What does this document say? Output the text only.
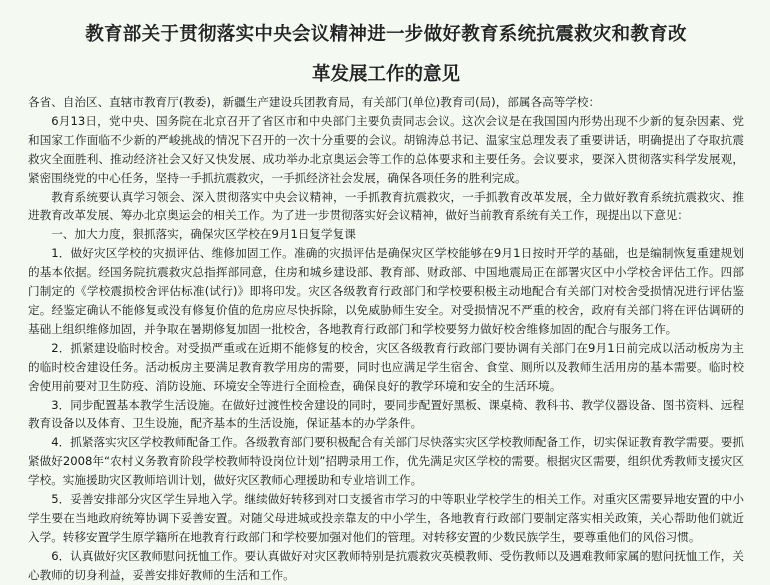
教育部关于贯彻落实中央会议精神进一步做好教育系统抗震救灾和教育改
革发展工作的意见

各省、自治区、直辖市教育厅(教委)，新疆生产建设兵团教育局，有关部门(单位)教育司(局)，部属各高等学校：

6月13日，党中央、国务院在北京召开了省区市和中央部门主要负责同志会议。这次会议是在我国国内形势出现不少新的复杂因素、党和国家工作面临不少新的严峻挑战的情况下召开的一次十分重要的会议。胡锦涛总书记、温家宝总理发表了重要讲话，明确提出了夺取抗震救灾全面胜利、推动经济社会又好又快发展、成功举办北京奥运会等工作的总体要求和主要任务。会议要求，要深入贯彻落实科学发展观，紧密围绕党的中心任务，坚持一手抓抗震救灾，一手抓经济社会发展，确保各项任务的胜利完成。

教育系统要认真学习领会、深入贯彻落实中央会议精神，一手抓教育抗震救灾，一手抓教育改革发展，全力做好教育系统抗震救灾、推进教育改革发展、筹办北京奥运会的相关工作。为了进一步贯彻落实好会议精神，做好当前教育系统有关工作，现提出以下意见：

一、加大力度，狠抓落实，确保灾区学校在9月1日复学复课

1．做好灾区学校的灾损评估、维修加固工作。准确的灾损评估是确保灾区学校能够在9月1日按时开学的基础，也是编制恢复重建规划的基本依据。经国务院抗震救灾总指挥部同意，住房和城乡建设部、教育部、财政部、中国地震局正在部署灾区中小学校舍评估工作。四部门制定的《学校震损校舍评估标准(试行)》即将印发。灾区各级教育行政部门和学校要积极主动地配合有关部门对校舍受损情况进行评估鉴定。经鉴定确认不能修复或没有修复价值的危房应尽快拆除，以免威胁师生安全。对受损情况不严重的校舍，政府有关部门将在评估调研的基础上组织维修加固，并争取在暑期修复加固一批校舍，各地教育行政部门和学校要努力做好校舍维修加固的配合与服务工作。

2．抓紧建设临时校舍。对受损严重或在近期不能修复的校舍，灾区各级教育行政部门要协调有关部门在9月1日前完成以活动板房为主的临时校舍建设任务。活动板房主要满足教育教学用房的需要，同时也应满足学生宿舍、食堂、厕所以及教师生活用房的基本需要。临时校舍使用前要对卫生防疫、消防设施、环境安全等进行全面检查，确保良好的教学环境和安全的生活环境。

3．同步配置基本教学生活设施。在做好过渡性校舍建设的同时，要同步配置好黑板、课桌椅、教科书、教学仪器设备、图书资料、远程教育设备以及体育、卫生设施，配齐基本的生活设施，保证基本的办学条件。

4．抓紧落实灾区学校教师配备工作。各级教育部门要积极配合有关部门尽快落实灾区学校教师配备工作，切实保证教育教学需要。要抓紧做好2008年“农村义务教育阶段学校教师特设岗位计划”招聘录用工作，优先满足灾区学校的需要。根据灾区需要，组织优秀教师支援灾区学校。实施援助灾区教师培训计划，做好灾区教师心理援助和专业培训工作。

5．妥善安排部分灾区学生异地入学。继续做好转移到对口支援省市学习的中等职业学校学生的相关工作。对重灾区需要异地安置的中小学生要在当地政府统筹协调下妥善安置。对随父母进城或投亲靠友的中小学生，各地教育行政部门要制定落实相关政策，关心帮助他们就近入学。转移安置学生原学籍所在地教育行政部门和学校要加强对他们的管理。对转移安置的少数民族学生，要尊重他们的风俗习惯。

6．认真做好灾区教师慰问抚恤工作。要认真做好对灾区教师特别是抗震救灾英模教师、受伤教师以及遇难教师家属的慰问抚恤工作，关心教师的切身利益，妥善安排好教师的生活和工作。
